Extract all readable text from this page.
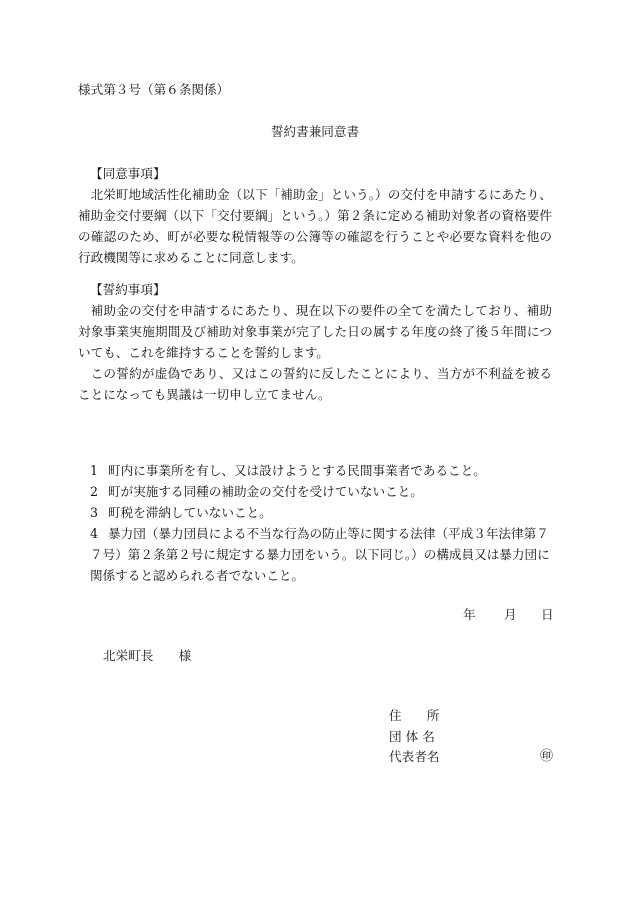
様式第３号（第６条関係）
誓約書兼同意書
【同意事項】

北栄町地域活性化補助金（以下「補助金」という。）の交付を申請するにあたり、補助金交付要綱（以下「交付要綱」という。）第２条に定める補助対象者の資格要件の確認のため、町が必要な税情報等の公簿等の確認を行うことや必要な資料を他の行政機関等に求めることに同意します。

【誓約事項】

補助金の交付を申請するにあたり、現在以下の要件の全てを満たしており、補助対象事業実施期間及び補助対象事業が完了した日の属する年度の終了後５年間についても、これを維持することを誓約します。

この誓約が虚偽であり、又はこの誓約に反したことにより、当方が不利益を被ることになっても異議は一切申し立てません。

1 町内に事業所を有し、又は設けようとする民間事業者であること。
2 町が実施する同種の補助金の交付を受けていないこと。
3 町税を滞納していないこと。
4 暴力団（暴力団員による不当な行為の防止等に関する法律（平成３年法律第７７号）第２条第２号に規定する暴力団をいう。以下同じ。）の構成員又は暴力団に関係すると認められる者でないこと。
年 月 日
北栄町長　　様
住　　所
団 体 名
代表者名	㊞
